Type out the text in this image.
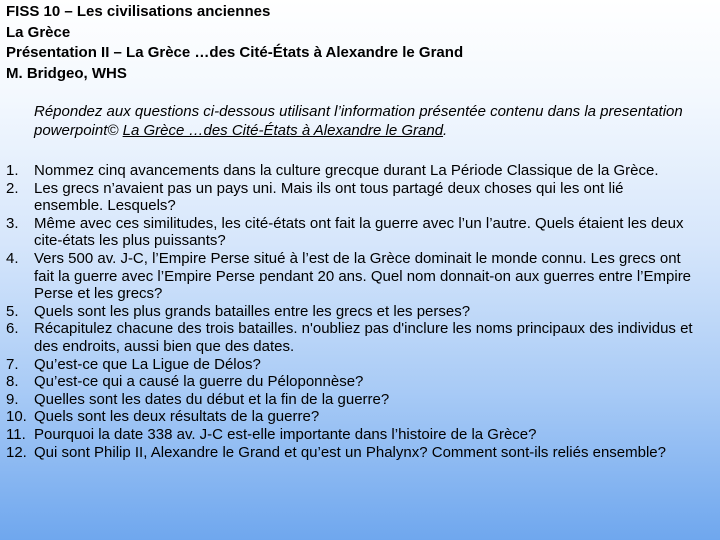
FISS 10 – Les civilisations anciennes
La Grèce
Présentation II – La Grèce …des Cité-États à Alexandre le Grand
M. Bridgeo, WHS
Répondez aux questions ci-dessous utilisant l’information présentée contenu dans la presentation powerpoint© La Grèce …des Cité-États à Alexandre le Grand.
1.	Nommez cinq avancements dans la culture grecque durant La Période Classique de la Grèce.
2.	Les grecs n’avaient pas un pays uni. Mais ils ont tous partagé deux choses qui les ont lié ensemble. Lesquels?
3.	Même avec ces similitudes, les cité-états ont fait la guerre avec l’un l’autre. Quels étaient les deux cite-états les plus puissants?
4.	Vers 500 av. J-C, l’Empire Perse situé à l’est de la Grèce dominait le monde connu. Les grecs ont fait la guerre avec l’Empire Perse pendant 20 ans. Quel nom donnait-on aux guerres entre l’Empire Perse et les grecs?
5.	Quels sont les plus grands batailles entre les grecs et les perses?
6.	Récapitulez chacune des trois batailles. n'oubliez pas d'inclure les noms principaux des individus et des endroits, aussi bien que des dates.
7.	Qu’est-ce que La Ligue de Délos?
8.	Qu’est-ce qui a causé la guerre du Péloponnèse?
9.	Quelles sont les dates du début et la fin de la guerre?
10. Quels sont les deux résultats de la guerre?
11. Pourquoi la date 338 av. J-C est-elle importante dans l’histoire de la Grèce?
12. Qui sont Philip II, Alexandre le Grand et qu’est un Phalynx? Comment sont-ils reliés ensemble?
